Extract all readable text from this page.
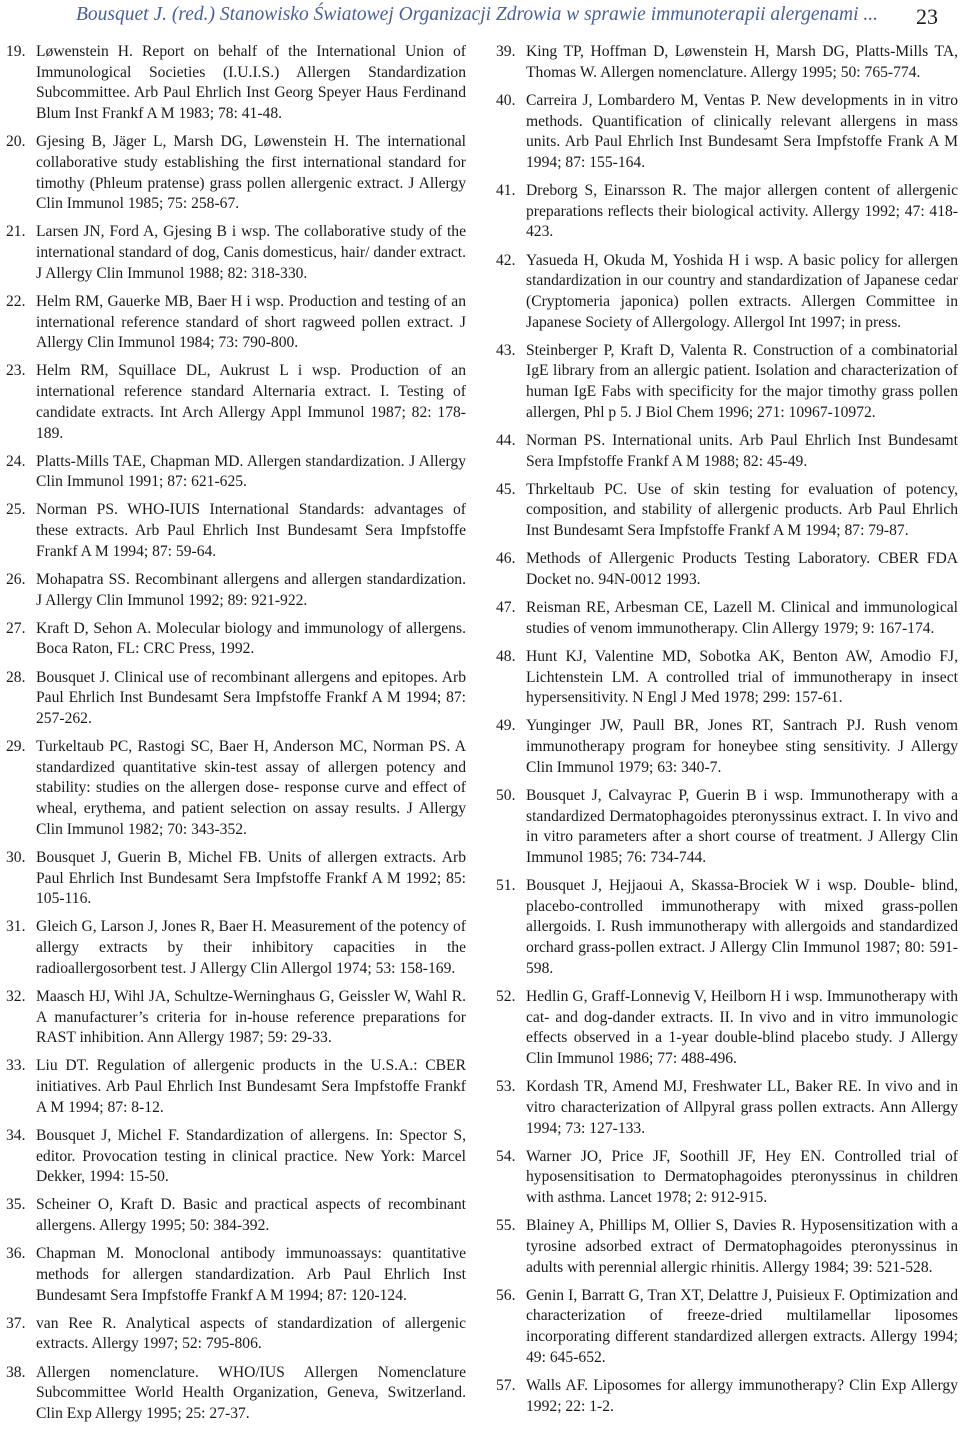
Bousquet J. (red.) Stanowisko Światowej Organizacji Zdrowia w sprawie immunoterapii alergenami ... 23
19. Løwenstein H. Report on behalf of the International Union of Immunological Societies (I.U.I.S.) Allergen Standardization Subcommittee. Arb Paul Ehrlich Inst Georg Speyer Haus Ferdinand Blum Inst Frankf A M 1983; 78: 41-48.
20. Gjesing B, Jäger L, Marsh DG, Løwenstein H. The international collaborative study establishing the first international standard for timothy (Phleum pratense) grass pollen allergenic extract. J Allergy Clin Immunol 1985; 75: 258-67.
21. Larsen JN, Ford A, Gjesing B i wsp. The collaborative study of the international standard of dog, Canis domesticus, hair/ dander extract. J Allergy Clin Immunol 1988; 82: 318-330.
22. Helm RM, Gauerke MB, Baer H i wsp. Production and testing of an international reference standard of short ragweed pollen extract. J Allergy Clin Immunol 1984; 73: 790-800.
23. Helm RM, Squillace DL, Aukrust L i wsp. Production of an international reference standard Alternaria extract. I. Testing of candidate extracts. Int Arch Allergy Appl Immunol 1987; 82: 178-189.
24. Platts-Mills TAE, Chapman MD. Allergen standardization. J Allergy Clin Immunol 1991; 87: 621-625.
25. Norman PS. WHO-IUIS International Standards: advantages of these extracts. Arb Paul Ehrlich Inst Bundesamt Sera Impfstoffe Frankf A M 1994; 87: 59-64.
26. Mohapatra SS. Recombinant allergens and allergen standardization. J Allergy Clin Immunol 1992; 89: 921-922.
27. Kraft D, Sehon A. Molecular biology and immunology of allergens. Boca Raton, FL: CRC Press, 1992.
28. Bousquet J. Clinical use of recombinant allergens and epitopes. Arb Paul Ehrlich Inst Bundesamt Sera Impfstoffe Frankf A M 1994; 87: 257-262.
29. Turkeltaub PC, Rastogi SC, Baer H, Anderson MC, Norman PS. A standardized quantitative skin-test assay of allergen potency and stability: studies on the allergen dose- response curve and effect of wheal, erythema, and patient selection on assay results. J Allergy Clin Immunol 1982; 70: 343-352.
30. Bousquet J, Guerin B, Michel FB. Units of allergen extracts. Arb Paul Ehrlich Inst Bundesamt Sera Impfstoffe Frankf A M 1992; 85: 105-116.
31. Gleich G, Larson J, Jones R, Baer H. Measurement of the potency of allergy extracts by their inhibitory capacities in the radioallergosorbent test. J Allergy Clin Allergol 1974; 53: 158-169.
32. Maasch HJ, Wihl JA, Schultze-Werninghaus G, Geissler W, Wahl R. A manufacturer’s criteria for in-house reference preparations for RAST inhibition. Ann Allergy 1987; 59: 29-33.
33. Liu DT. Regulation of allergenic products in the U.S.A.: CBER initiatives. Arb Paul Ehrlich Inst Bundesamt Sera Impfstoffe Frankf A M 1994; 87: 8-12.
34. Bousquet J, Michel F. Standardization of allergens. In: Spector S, editor. Provocation testing in clinical practice. New York: Marcel Dekker, 1994: 15-50.
35. Scheiner O, Kraft D. Basic and practical aspects of recombinant allergens. Allergy 1995; 50: 384-392.
36. Chapman M. Monoclonal antibody immunoassays: quantitative methods for allergen standardization. Arb Paul Ehrlich Inst Bundesamt Sera Impfstoffe Frankf A M 1994; 87: 120-124.
37. van Ree R. Analytical aspects of standardization of allergenic extracts. Allergy 1997; 52: 795-806.
38. Allergen nomenclature. WHO/IUS Allergen Nomenclature Subcommittee World Health Organization, Geneva, Switzerland. Clin Exp Allergy 1995; 25: 27-37.
39. King TP, Hoffman D, Løwenstein H, Marsh DG, Platts-Mills TA, Thomas W. Allergen nomenclature. Allergy 1995; 50: 765-774.
40. Carreira J, Lombardero M, Ventas P. New developments in in vitro methods. Quantification of clinically relevant allergens in mass units. Arb Paul Ehrlich Inst Bundesamt Sera Impfstoffe Frank A M 1994; 87: 155-164.
41. Dreborg S, Einarsson R. The major allergen content of allergenic preparations reflects their biological activity. Allergy 1992; 47: 418-423.
42. Yasueda H, Okuda M, Yoshida H i wsp. A basic policy for allergen standardization in our country and standardization of Japanese cedar (Cryptomeria japonica) pollen extracts. Allergen Committee in Japanese Society of Allergology. Allergol Int 1997; in press.
43. Steinberger P, Kraft D, Valenta R. Construction of a combinatorial IgE library from an allergic patient. Isolation and characterization of human IgE Fabs with specificity for the major timothy grass pollen allergen, Phl p 5. J Biol Chem 1996; 271: 10967-10972.
44. Norman PS. International units. Arb Paul Ehrlich Inst Bundesamt Sera Impfstoffe Frankf A M 1988; 82: 45-49.
45. Thrkeltaub PC. Use of skin testing for evaluation of potency, composition, and stability of allergenic products. Arb Paul Ehrlich Inst Bundesamt Sera Impfstoffe Frankf A M 1994; 87: 79-87.
46. Methods of Allergenic Products Testing Laboratory. CBER FDA Docket no. 94N-0012 1993.
47. Reisman RE, Arbesman CE, Lazell M. Clinical and immunological studies of venom immunotherapy. Clin Allergy 1979; 9: 167-174.
48. Hunt KJ, Valentine MD, Sobotka AK, Benton AW, Amodio FJ, Lichtenstein LM. A controlled trial of immunotherapy in insect hypersensitivity. N Engl J Med 1978; 299: 157-61.
49. Yunginger JW, Paull BR, Jones RT, Santrach PJ. Rush venom immunotherapy program for honeybee sting sensitivity. J Allergy Clin Immunol 1979; 63: 340-7.
50. Bousquet J, Calvayrac P, Guerin B i wsp. Immunotherapy with a standardized Dermatophagoides pteronyssinus extract. I. In vivo and in vitro parameters after a short course of treatment. J Allergy Clin Immunol 1985; 76: 734-744.
51. Bousquet J, Hejjaoui A, Skassa-Brociek W i wsp. Double- blind, placebo-controlled immunotherapy with mixed grass-pollen allergoids. I. Rush immunotherapy with allergoids and standardized orchard grass-pollen extract. J Allergy Clin Immunol 1987; 80: 591-598.
52. Hedlin G, Graff-Lonnevig V, Heilborn H i wsp. Immunotherapy with cat- and dog-dander extracts. II. In vivo and in vitro immunologic effects observed in a 1-year double-blind placebo study. J Allergy Clin Immunol 1986; 77: 488-496.
53. Kordash TR, Amend MJ, Freshwater LL, Baker RE. In vivo and in vitro characterization of Allpyral grass pollen extracts. Ann Allergy 1994; 73: 127-133.
54. Warner JO, Price JF, Soothill JF, Hey EN. Controlled trial of hyposensitisation to Dermatophagoides pteronyssinus in children with asthma. Lancet 1978; 2: 912-915.
55. Blainey A, Phillips M, Ollier S, Davies R. Hyposensitization with a tyrosine adsorbed extract of Dermatophagoides pteronyssinus in adults with perennial allergic rhinitis. Allergy 1984; 39: 521-528.
56. Genin I, Barratt G, Tran XT, Delattre J, Puisieux F. Optimization and characterization of freeze-dried multilamellar liposomes incorporating different standardized allergen extracts. Allergy 1994; 49: 645-652.
57. Walls AF. Liposomes for allergy immunotherapy? Clin Exp Allergy 1992; 22: 1-2.
